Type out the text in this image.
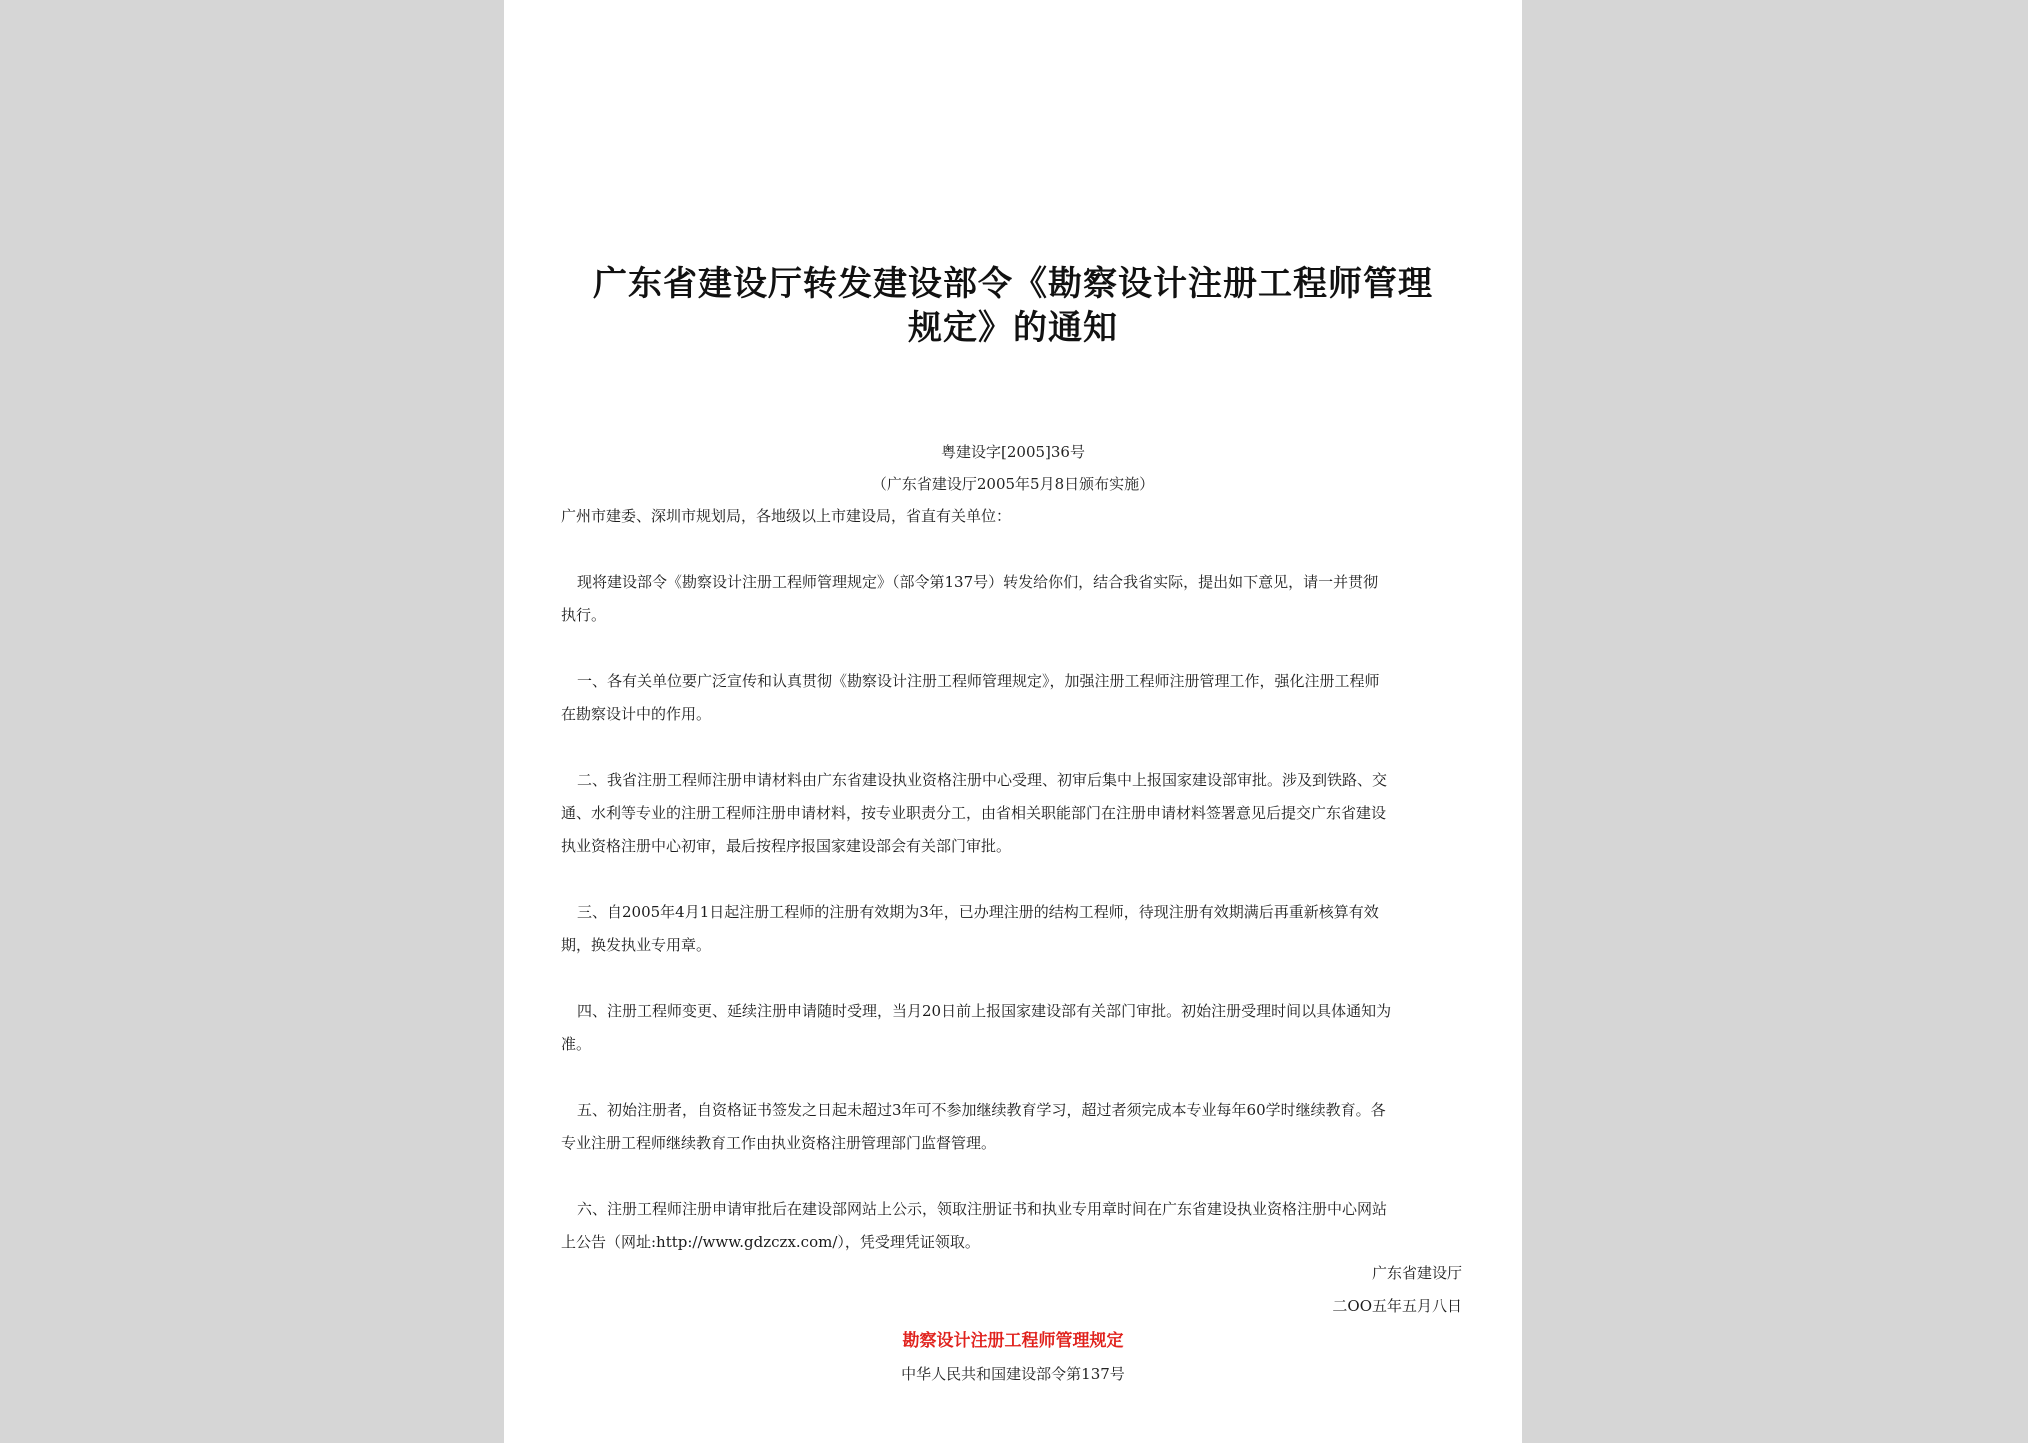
广东省建设厅转发建设部令《勘察设计注册工程师管理
规定》的通知
粤建设字[2005]36号
（广东省建设厅2005年5月8日颁布实施）
广州市建委、深圳市规划局，各地级以上市建设局，省直有关单位：
现将建设部令《勘察设计注册工程师管理规定》（部令第137号）转发给你们，结合我省实际，提出如下意见，请一并贯彻
执行。
一、各有关单位要广泛宣传和认真贯彻《勘察设计注册工程师管理规定》，加强注册工程师注册管理工作，强化注册工程师
在勘察设计中的作用。
二、我省注册工程师注册申请材料由广东省建设执业资格注册中心受理、初审后集中上报国家建设部审批。涉及到铁路、交
通、水利等专业的注册工程师注册申请材料，按专业职责分工，由省相关职能部门在注册申请材料签署意见后提交广东省建设
执业资格注册中心初审，最后按程序报国家建设部会有关部门审批。
三、自2005年4月1日起注册工程师的注册有效期为3年，已办理注册的结构工程师，待现注册有效期满后再重新核算有效
期，换发执业专用章。
四、注册工程师变更、延续注册申请随时受理，当月20日前上报国家建设部有关部门审批。初始注册受理时间以具体通知为
准。
五、初始注册者，自资格证书签发之日起未超过3年可不参加继续教育学习，超过者须完成本专业每年60学时继续教育。各
专业注册工程师继续教育工作由执业资格注册管理部门监督管理。
六、注册工程师注册申请审批后在建设部网站上公示，领取注册证书和执业专用章时间在广东省建设执业资格注册中心网站
上公告（网址:http://www.gdzczx.com/），凭受理凭证领取。
广东省建设厅
二OO五年五月八日
勘察设计注册工程师管理规定
中华人民共和国建设部令第137号
